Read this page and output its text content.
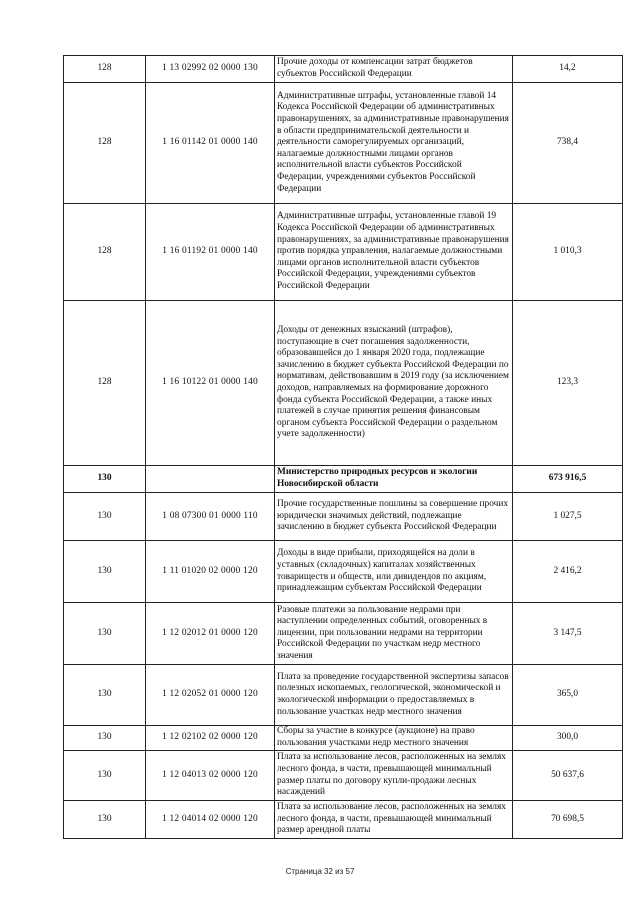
128	1 13 02992 02 0000 130	Прочие доходы от компенсации затрат бюджетов субъектов Российской Федерации	14,2
128	1 16 01142 01 0000 140	Административные штрафы, установленные главой 14 Кодекса Российской Федерации об административных правонарушениях, за административные правонарушения в области предпринимательской деятельности и деятельности саморегулируемых организаций, налагаемые должностными лицами органов исполнительной власти субъектов Российской Федерации, учреждениями субъектов Российской Федерации	738,4
128	1 16 01192 01 0000 140	Административные штрафы, установленные главой 19 Кодекса Российской Федерации об административных правонарушениях, за административные правонарушения против порядка управления, налагаемые должностными лицами органов исполнительной власти субъектов Российской Федерации, учреждениями субъектов Российской Федерации	1 010,3
128	1 16 10122 01 0000 140	Доходы от денежных взысканий (штрафов), поступающие в счет погашения задолженности, образовавшейся до 1 января 2020 года, подлежащие зачислению в бюджет субъекта Российской Федерации по нормативам, действовавшим в 2019 году (за исключением доходов, направляемых на формирование дорожного фонда субъекта Российской Федерации, а также иных платежей в случае принятия решения финансовым органом субъекта Российской Федерации о раздельном учете задолженности)	123,3
130		Министерство природных ресурсов и экологии Новосибирской области	673 916,5
130	1 08 07300 01 0000 110	Прочие государственные пошлины за совершение прочих юридически значимых действий, подлежащие зачислению в бюджет субъекта Российской Федерации	1 027,5
130	1 11 01020 02 0000 120	Доходы в виде прибыли, приходящейся на доли в уставных (складочных) капиталах хозяйственных товариществ и обществ, или дивидендов по акциям, принадлежащим субъектам Российской Федерации	2 416,2
130	1 12 02012 01 0000 120	Разовые платежи за пользование недрами при наступлении определенных событий, оговоренных в лицензии, при пользовании недрами на территории Российской Федерации по участкам недр местного значения	3 147,5
130	1 12 02052 01 0000 120	Плата за проведение государственной экспертизы запасов полезных ископаемых, геологической, экономической и экологической информации о предоставляемых в пользование участках недр местного значения	365,0
130	1 12 02102 02 0000 120	Сборы за участие в конкурсе (аукционе) на право пользования участками недр местного значения	300,0
130	1 12 04013 02 0000 120	Плата за использование лесов, расположенных на землях лесного фонда, в части, превышающей минимальный размер платы по договору купли-продажи лесных насаждений	50 637,6
130	1 12 04014 02 0000 120	Плата за использование лесов, расположенных на землях лесного фонда, в части, превышающей минимальный размер арендной платы	70 698,5
Страница 32 из 57
